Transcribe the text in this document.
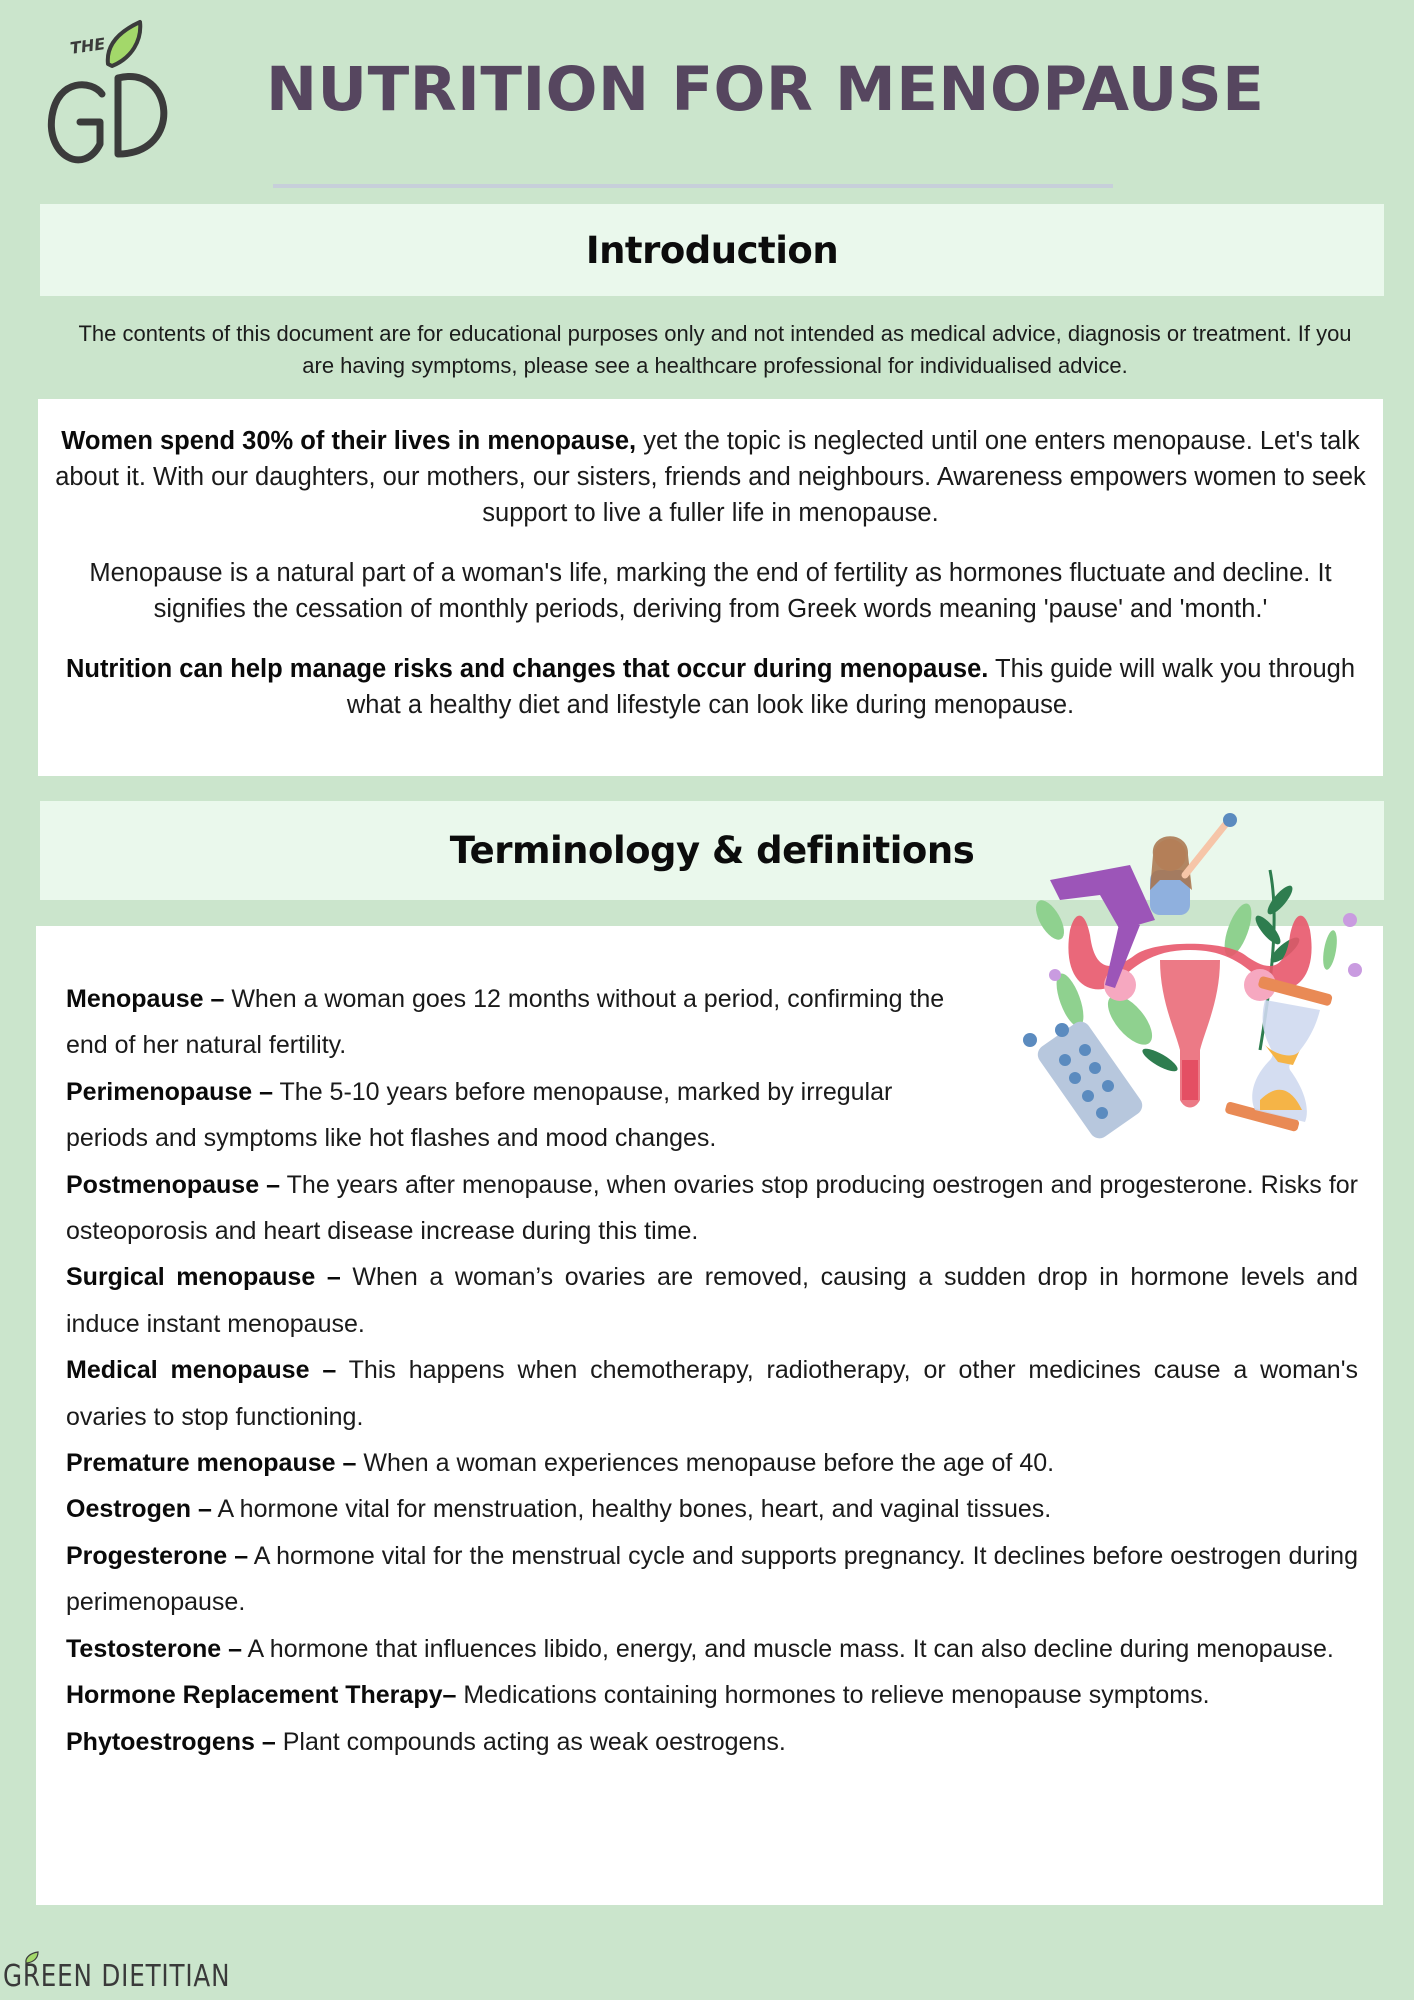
THE
NUTRITION FOR MENOPAUSE
Introduction
The contents of this document are for educational purposes only and not intended as medical advice, diagnosis or treatment. If you are having symptoms, please see a healthcare professional for individualised advice.

Women spend 30% of their lives in menopause, yet the topic is neglected until one enters menopause. Let's talk about it. With our daughters, our mothers, our sisters, friends and neighbours. Awareness empowers women to seek support to live a fuller life in menopause.

Menopause is a natural part of a woman's life, marking the end of fertility as hormones fluctuate and decline. It signifies the cessation of monthly periods, deriving from Greek words meaning 'pause' and 'month.'

Nutrition can help manage risks and changes that occur during menopause. This guide will walk you through what a healthy diet and lifestyle can look like during menopause.

Terminology & definitions
Menopause – When a woman goes 12 months without a period, confirming the end of her natural fertility.
Perimenopause – The 5-10 years before menopause, marked by irregular periods and symptoms like hot flashes and mood changes.
Postmenopause – The years after menopause, when ovaries stop producing oestrogen and progesterone. Risks for osteoporosis and heart disease increase during this time.
Surgical menopause – When a woman’s ovaries are removed, causing a sudden drop in hormone levels and induce instant menopause.
Medical menopause – This happens when chemotherapy, radiotherapy, or other medicines cause a woman's ovaries to stop functioning.
Premature menopause – When a woman experiences menopause before the age of 40.
Oestrogen – A hormone vital for menstruation, healthy bones, heart, and vaginal tissues.
Progesterone – A hormone vital for the menstrual cycle and supports pregnancy. It declines before oestrogen during perimenopause.
Testosterone – A hormone that influences libido, energy, and muscle mass. It can also decline during menopause.
Hormone Replacement Therapy– Medications containing hormones to relieve menopause symptoms.
Phytoestrogens – Plant compounds acting as weak oestrogens.
GREEN DIETITIAN
